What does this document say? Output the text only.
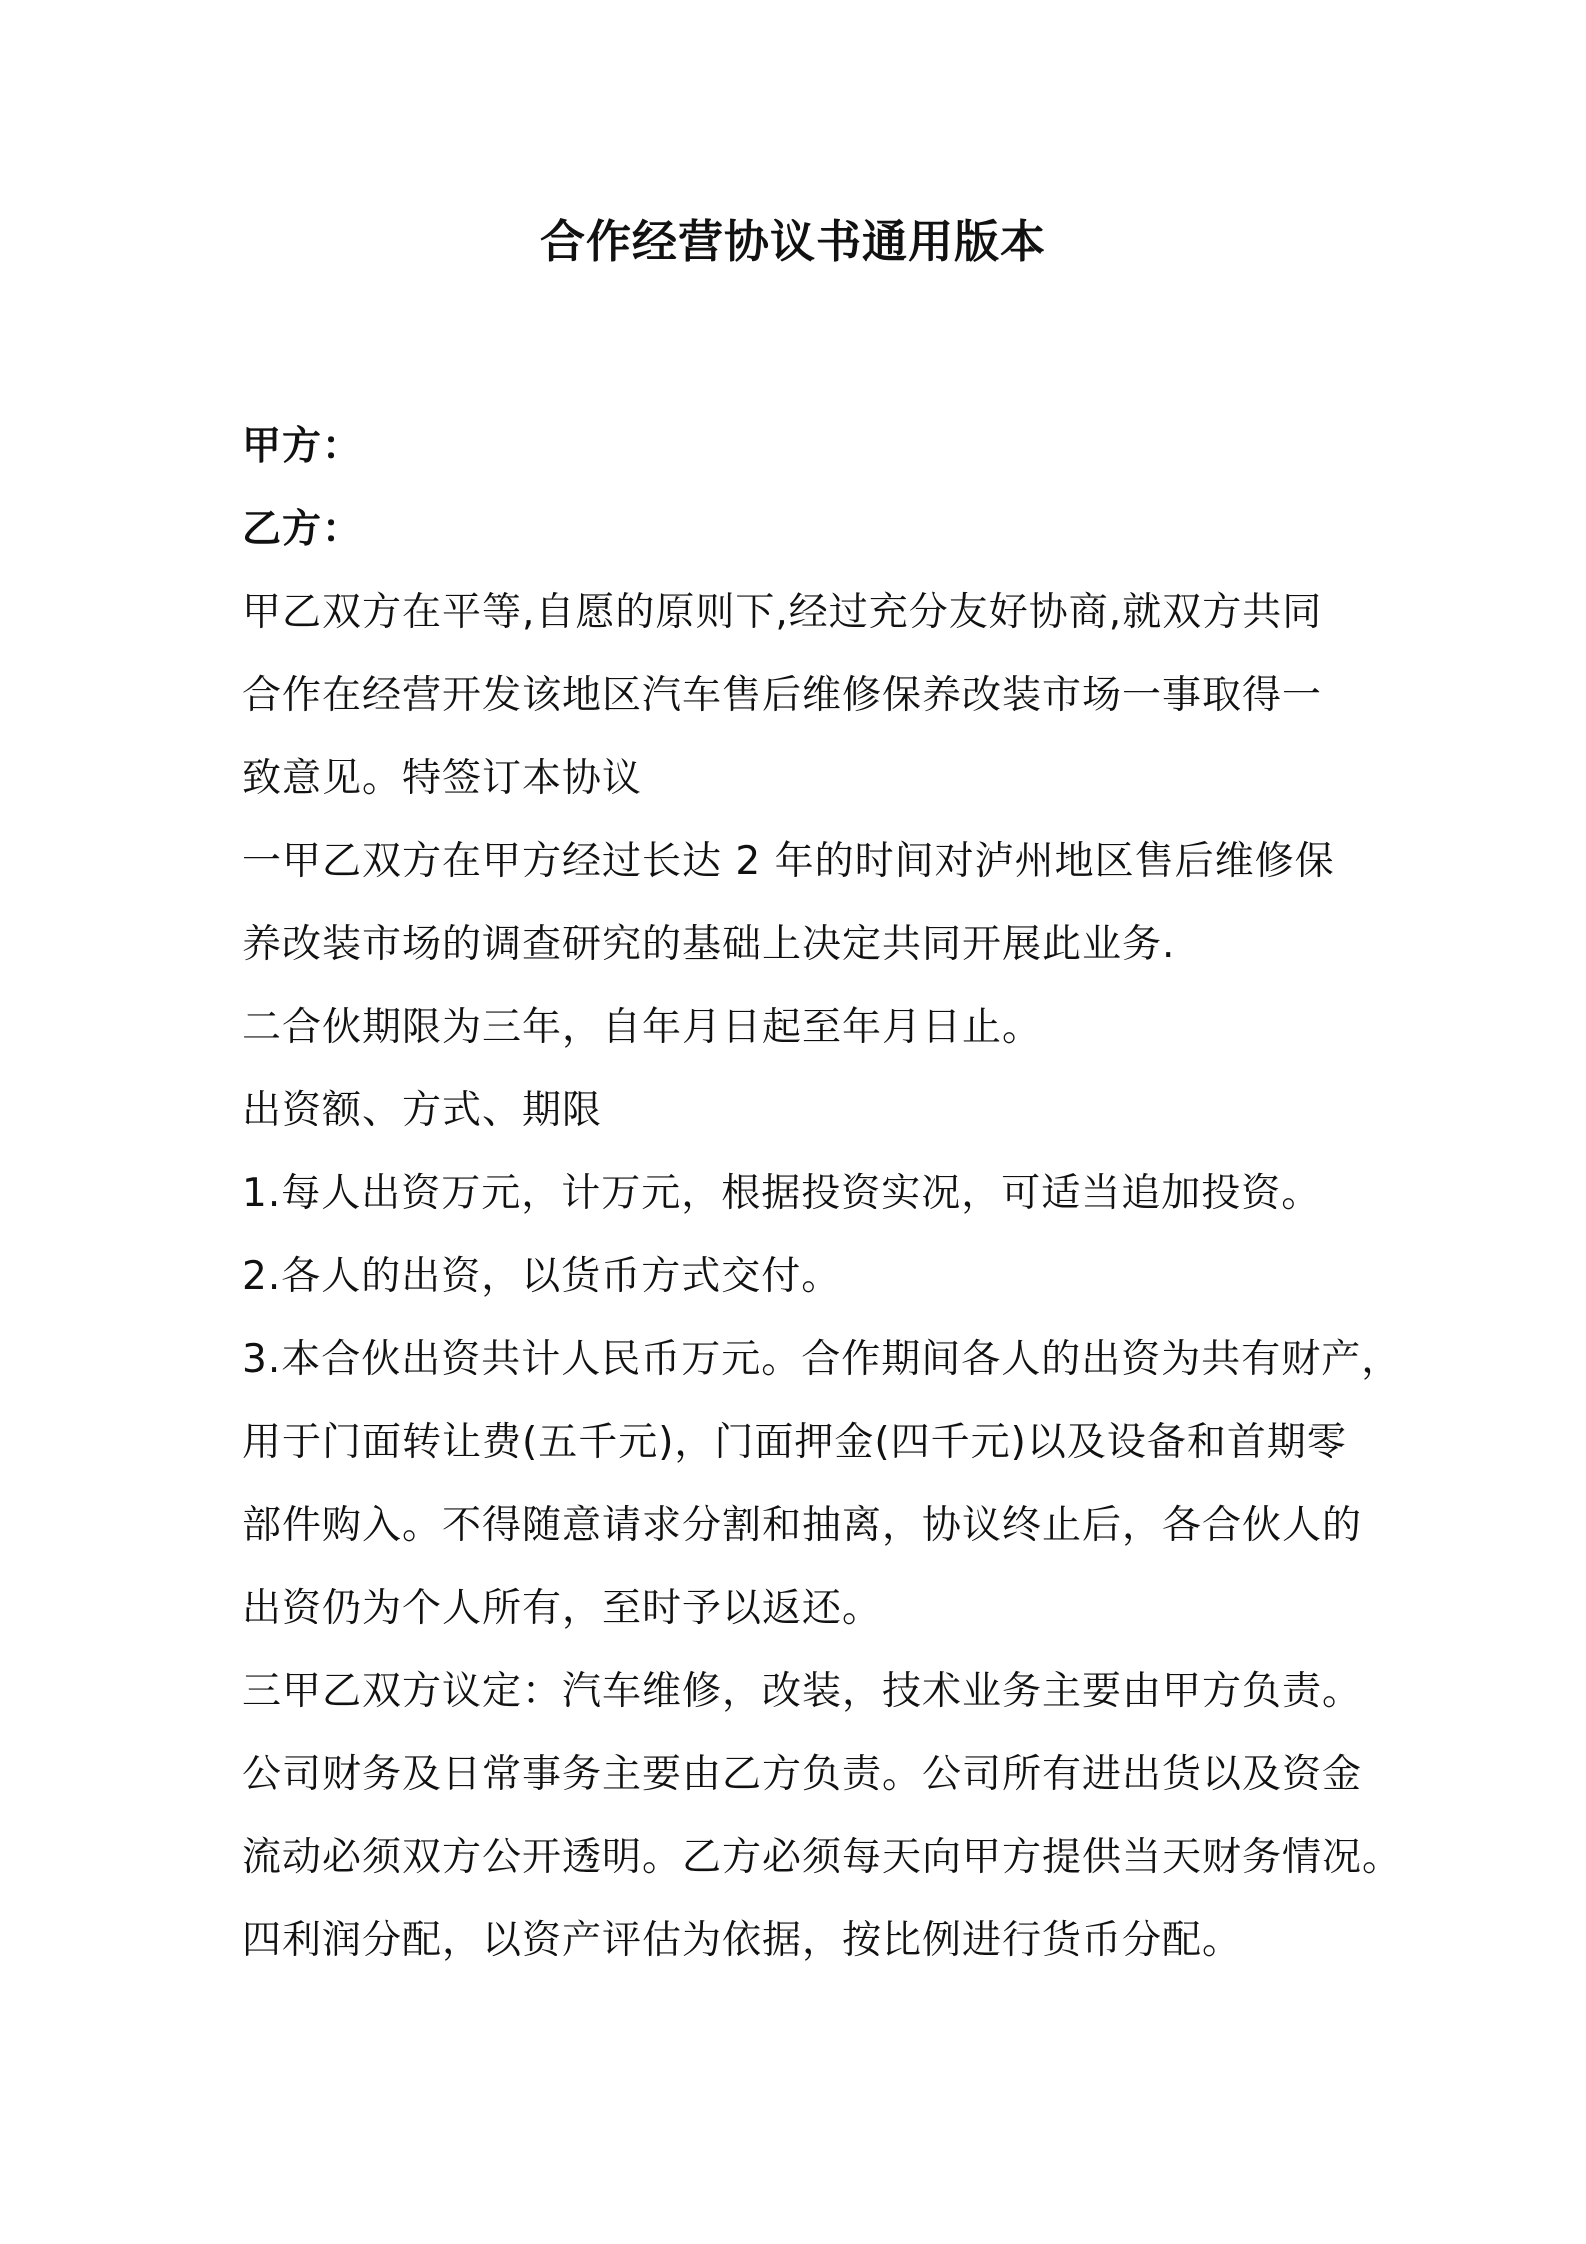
合作经营协议书通用版本

甲方：

乙方：

甲乙双方在平等,自愿的原则下,经过充分友好协商,就双方共同

合作在经营开发该地区汽车售后维修保养改装市场一事取得一

致意见。特签订本协议

一甲乙双方在甲方经过长达 2 年的时间对泸州地区售后维修保

养改装市场的调查研究的基础上决定共同开展此业务.

二合伙期限为三年，自年月日起至年月日止。

出资额、方式、期限

1.每人出资万元，计万元，根据投资实况，可适当追加投资。

2.各人的出资，以货币方式交付。

3.本合伙出资共计人民币万元。合作期间各人的出资为共有财产，

用于门面转让费(五千元)，门面押金(四千元)以及设备和首期零

部件购入。不得随意请求分割和抽离，协议终止后，各合伙人的

出资仍为个人所有，至时予以返还。

三甲乙双方议定：汽车维修，改装，技术业务主要由甲方负责。

公司财务及日常事务主要由乙方负责。公司所有进出货以及资金

流动必须双方公开透明。乙方必须每天向甲方提供当天财务情况。

四利润分配，以资产评估为依据，按比例进行货币分配。
